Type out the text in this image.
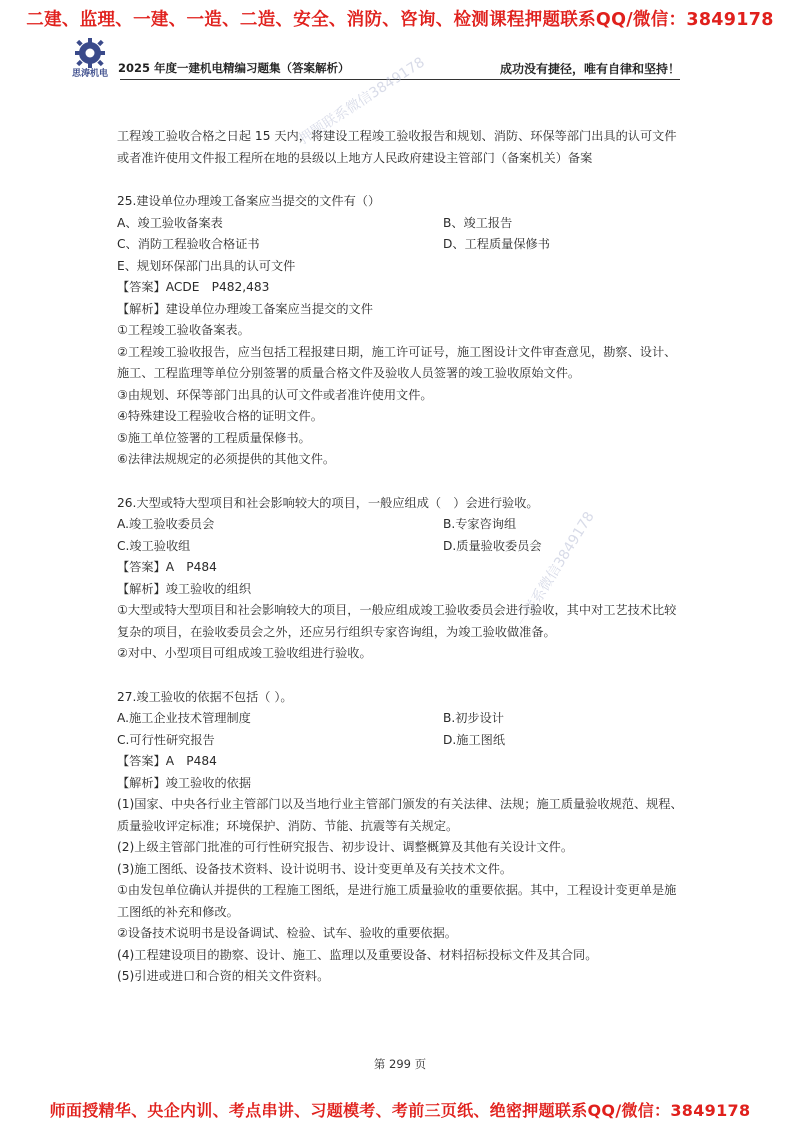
二建、监理、一建、一造、二造、安全、消防、咨询、检测课程押题联系QQ/微信：3849178
思涛机电 2025 年度一建机电精编习题集（答案解析）	成功没有捷径，唯有自律和坚持！
押题联系微信3849178
一联系微信3849178

工程竣工验收合格之日起 15 天内，将建设工程竣工验收报告和规划、消防、环保等部门出具的认可文件或者准许使用文件报工程所在地的县级以上地方人民政府建设主管部门（备案机关）备案

25.建设单位办理竣工备案应当提交的文件有（）

A、竣工验收备案表	B、竣工报告
C、消防工程验收合格证书	D、工程质量保修书

E、规划环保部门出具的认可文件

【答案】ACDE　P482,483

【解析】建设单位办理竣工备案应当提交的文件

①工程竣工验收备案表。

②工程竣工验收报告，应当包括工程报建日期，施工许可证号，施工图设计文件审查意见，勘察、设计、施工、工程监理等单位分别签署的质量合格文件及验收人员签署的竣工验收原始文件。

③由规划、环保等部门出具的认可文件或者准许使用文件。

④特殊建设工程验收合格的证明文件。

⑤施工单位签署的工程质量保修书。

⑥法律法规规定的必须提供的其他文件。

26.大型或特大型项目和社会影响较大的项目，一般应组成（　）会进行验收。

A.竣工验收委员会	B.专家咨询组
C.竣工验收组	D.质量验收委员会

【答案】A　P484

【解析】竣工验收的组织

①大型或特大型项目和社会影响较大的项目，一般应组成竣工验收委员会进行验收，其中对工艺技术比较复杂的项目，在验收委员会之外，还应另行组织专家咨询组，为竣工验收做准备。

②对中、小型项目可组成竣工验收组进行验收。

27.竣工验收的依据不包括（ ）。

A.施工企业技术管理制度	B.初步设计
C.可行性研究报告	D.施工图纸

【答案】A　P484

【解析】竣工验收的依据

(1)国家、中央各行业主管部门以及当地行业主管部门颁发的有关法律、法规；施工质量验收规范、规程、质量验收评定标准；环境保护、消防、节能、抗震等有关规定。

(2)上级主管部门批准的可行性研究报告、初步设计、调整概算及其他有关设计文件。

(3)施工图纸、设备技术资料、设计说明书、设计变更单及有关技术文件。

①由发包单位确认并提供的工程施工图纸，是进行施工质量验收的重要依据。其中，工程设计变更单是施工图纸的补充和修改。

②设备技术说明书是设备调试、检验、试车、验收的重要依据。

(4)工程建设项目的勘察、设计、施工、监理以及重要设备、材料招标投标文件及其合同。

(5)引进或进口和合资的相关文件资料。

第 299 页
师面授精华、央企内训、考点串讲、习题模考、考前三页纸、绝密押题联系QQ/微信：3849178
